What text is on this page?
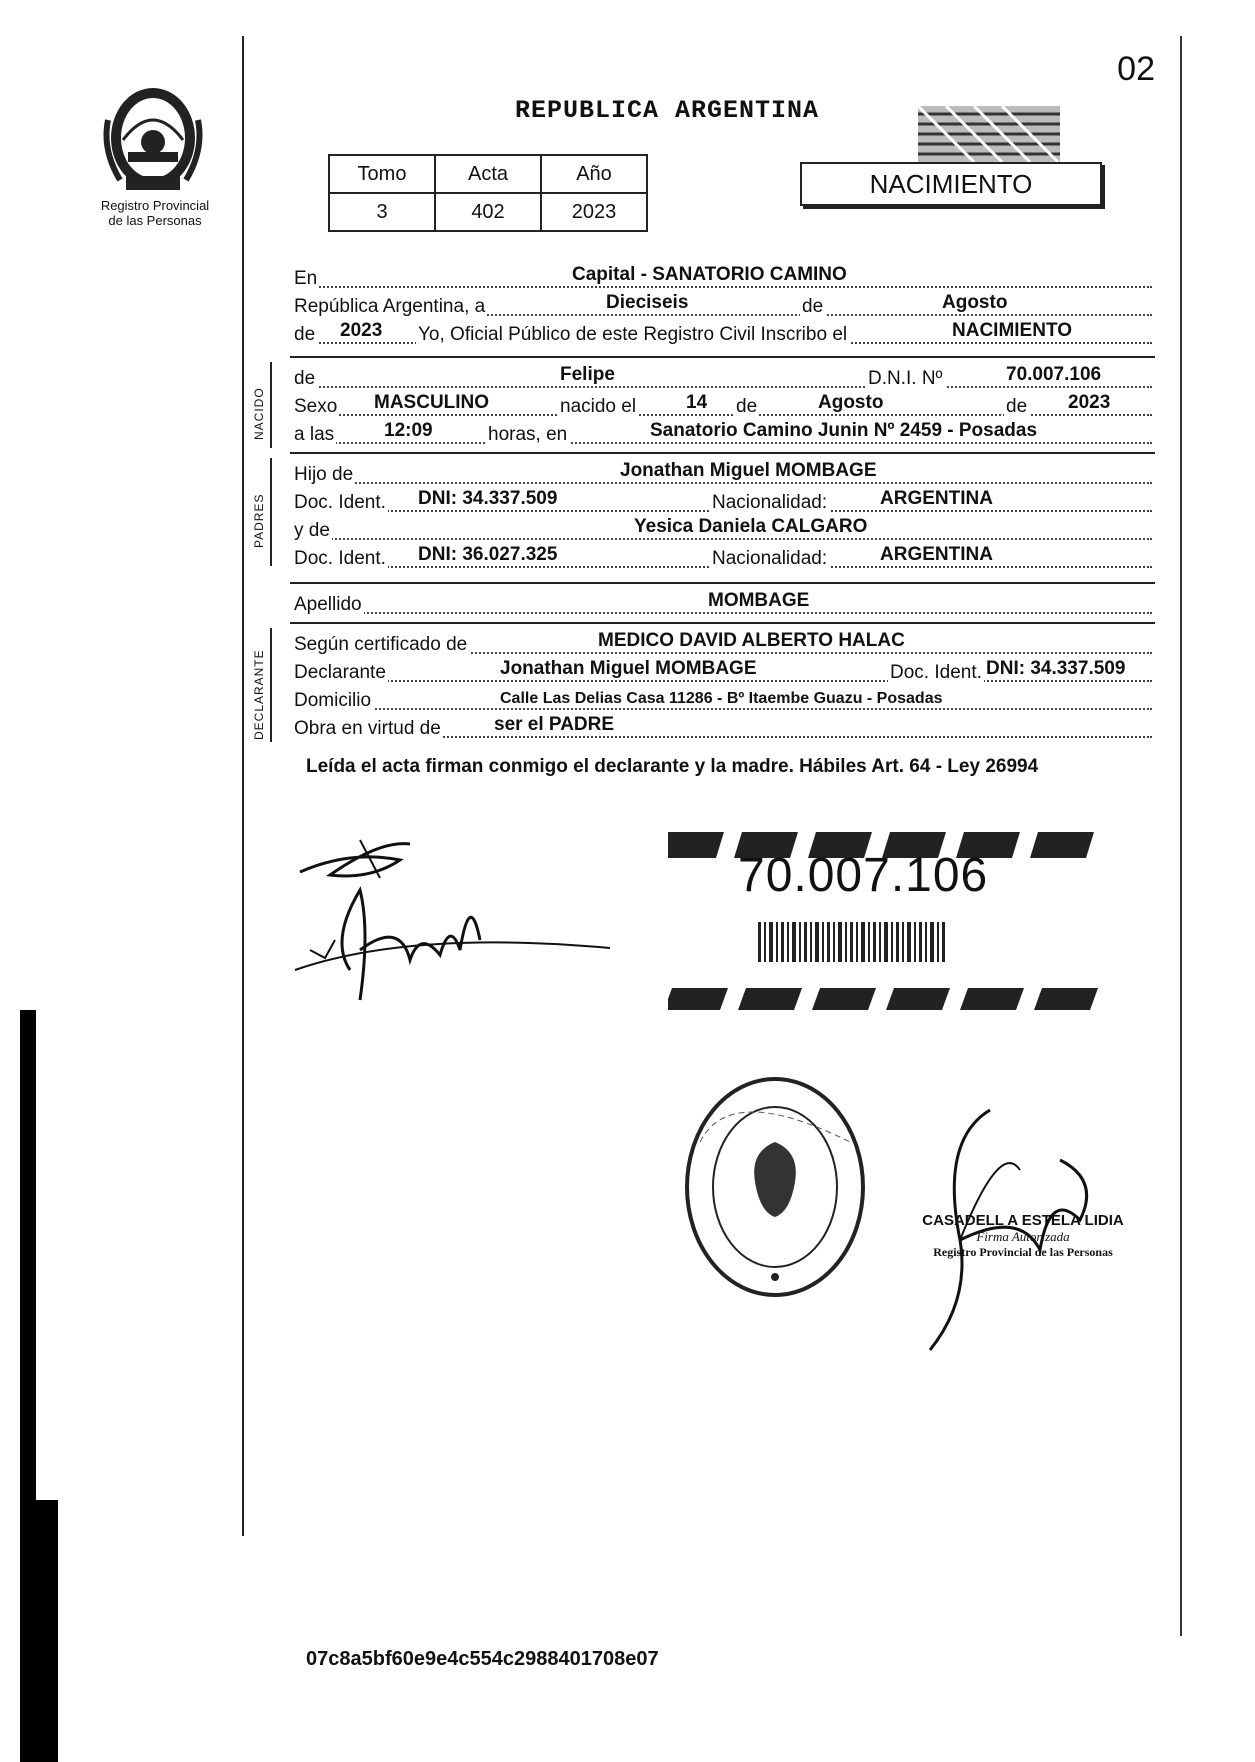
02
Registro Provincial
de las Personas
REPUBLICA ARGENTINA
Tomo	Acta	Año
3	402	2023
NACIMIENTO
En	Capital - SANATORIO CAMINO
República Argentina, a	Dieciseis	de	Agosto
de 2023 Yo, Oficial Público de este Registro Civil Inscribo el	NACIMIENTO
NACIDO
de	Felipe	D.N.I. Nº	70.007.106
Sexo MASCULINO	nacido el	14 de	Agosto	de 2023
a las	12:09	horas, en	Sanatorio Camino Junin Nº 2459 - Posadas
PADRES
Hijo de	Jonathan Miguel MOMBAGE
Doc. Ident. DNI: 34.337.509	Nacionalidad:	ARGENTINA
y de	Yesica Daniela CALGARO
Doc. Ident. DNI: 36.027.325	Nacionalidad:	ARGENTINA
Apellido	MOMBAGE
DECLARANTE
Según certificado de	MEDICO DAVID ALBERTO HALAC
Declarante	Jonathan Miguel MOMBAGE	Doc. Ident. DNI: 34.337.509
Domicilio	Calle Las Delias Casa 11286 - Bº Itaembe Guazu - Posadas
Obra en virtud de	ser el PADRE
Leída el acta firman conmigo el declarante y la madre. Hábiles Art. 64 - Ley 26994
70.007.106
CASADELL A ESTELA LIDIA
Firma Autorizada
Registro Provincial de las Personas
07c8a5bf60e9e4c554c2988401708e07
